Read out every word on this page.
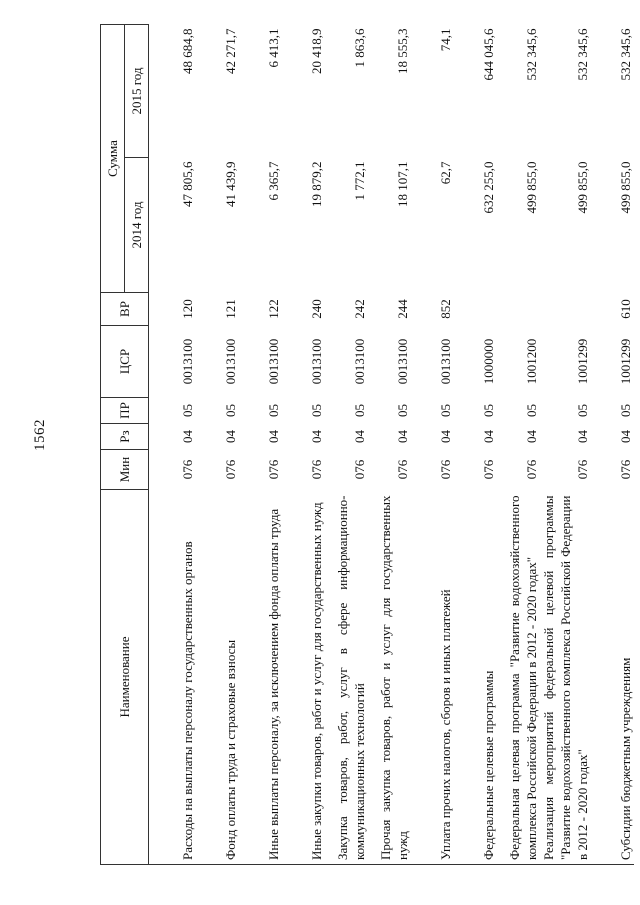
1562
Наименование	Мин	Рз	ПР	ЦСР	ВР	Сумма	
						2014 год	2015 год
Расходы на выплаты персоналу государственных органов	076	04	05	0013100	120	47 805,6	48 684,8
Фонд оплаты труда и страховые взносы	076	04	05	0013100	121	41 439,9	42 271,7
Иные выплаты персоналу, за исключением фонда оплаты труда	076	04	05	0013100	122	6 365,7	6 413,1
Иные закупки товаров, работ и услуг для государственных нужд	076	04	05	0013100	240	19 879,2	20 418,9
Закупка товаров, работ, услуг в сфере информационно-коммуникационных технологий	076	04	05	0013100	242	1 772,1	1 863,6
Прочая закупка товаров, работ и услуг для государственных нужд	076	04	05	0013100	244	18 107,1	18 555,3
Уплата прочих налогов, сборов и иных платежей	076	04	05	0013100	852	62,7	74,1
Федеральные целевые программы	076	04	05	1000000		632 255,0	644 045,6
Федеральная целевая программа "Развитие водохозяйственного комплекса Российской Федерации в 2012 - 2020 годах"	076	04	05	1001200		499 855,0	532 345,6
Реализация мероприятий федеральной целевой программы "Развитие водохозяйственного комплекса Российской Федерации в 2012 - 2020 годах"	076	04	05	1001299		499 855,0	532 345,6
Субсидии бюджетным учреждениям	076	04	05	1001299	610	499 855,0	532 345,6
